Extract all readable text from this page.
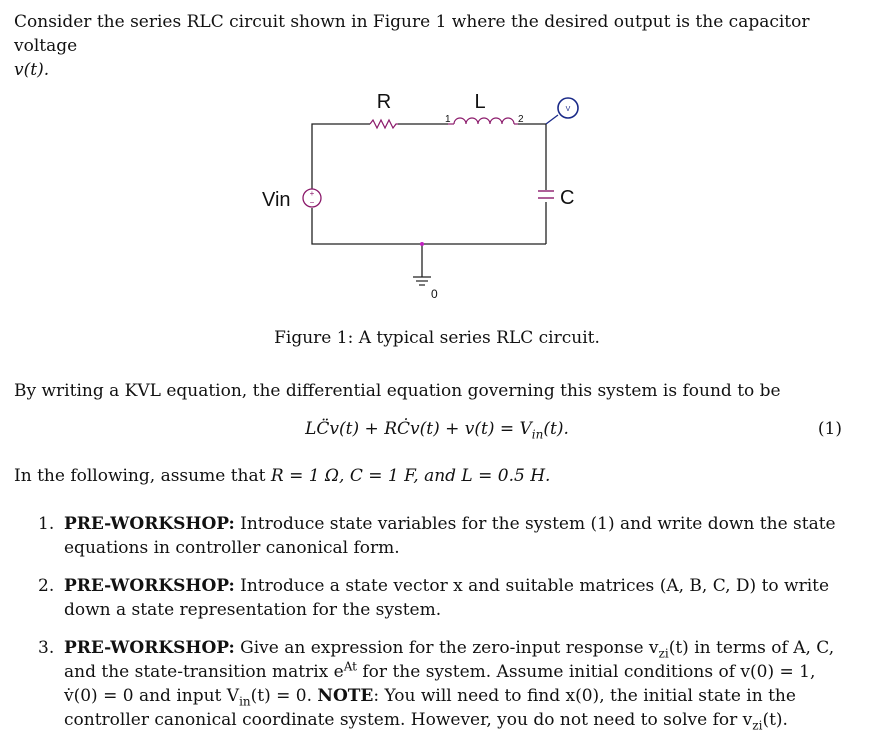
Consider the series RLC circuit shown in Figure 1 where the desired output is the capacitor voltage
v(t).
+
−
R	L
C
Vin
1	2
0
V
Figure 1: A typical series RLC circuit.
By writing a KVL equation, the differential equation governing this system is found to be
LC̈v(t) + RĊv(t) + $v(t) = V_{in}(t)$.	(1)
In the following, assume that R = 1 Ω, C = 1 F, and L = 0.5 H.
1. PRE-WORKSHOP: Introduce state variables for the system (1) and write down the state equations in controller canonical form.
2. PRE-WORKSHOP: Introduce a state vector x and suitable matrices (A, B, C, D) to write down a state representation for the system.
3. PRE-WORKSHOP: Give an expression for the zero-input response $v_{zi}(t)$ in terms of A, C, and the state-transition matrix $e^{At}$ for the system. Assume initial conditions of v(0) = 1, v̇(0) = 0 and input $V_{in}(t) = 0$. NOTE: You will need to find x(0), the initial state in the controller canonical coordinate system. However, you do not need to solve for $v_{zi}(t)$.
